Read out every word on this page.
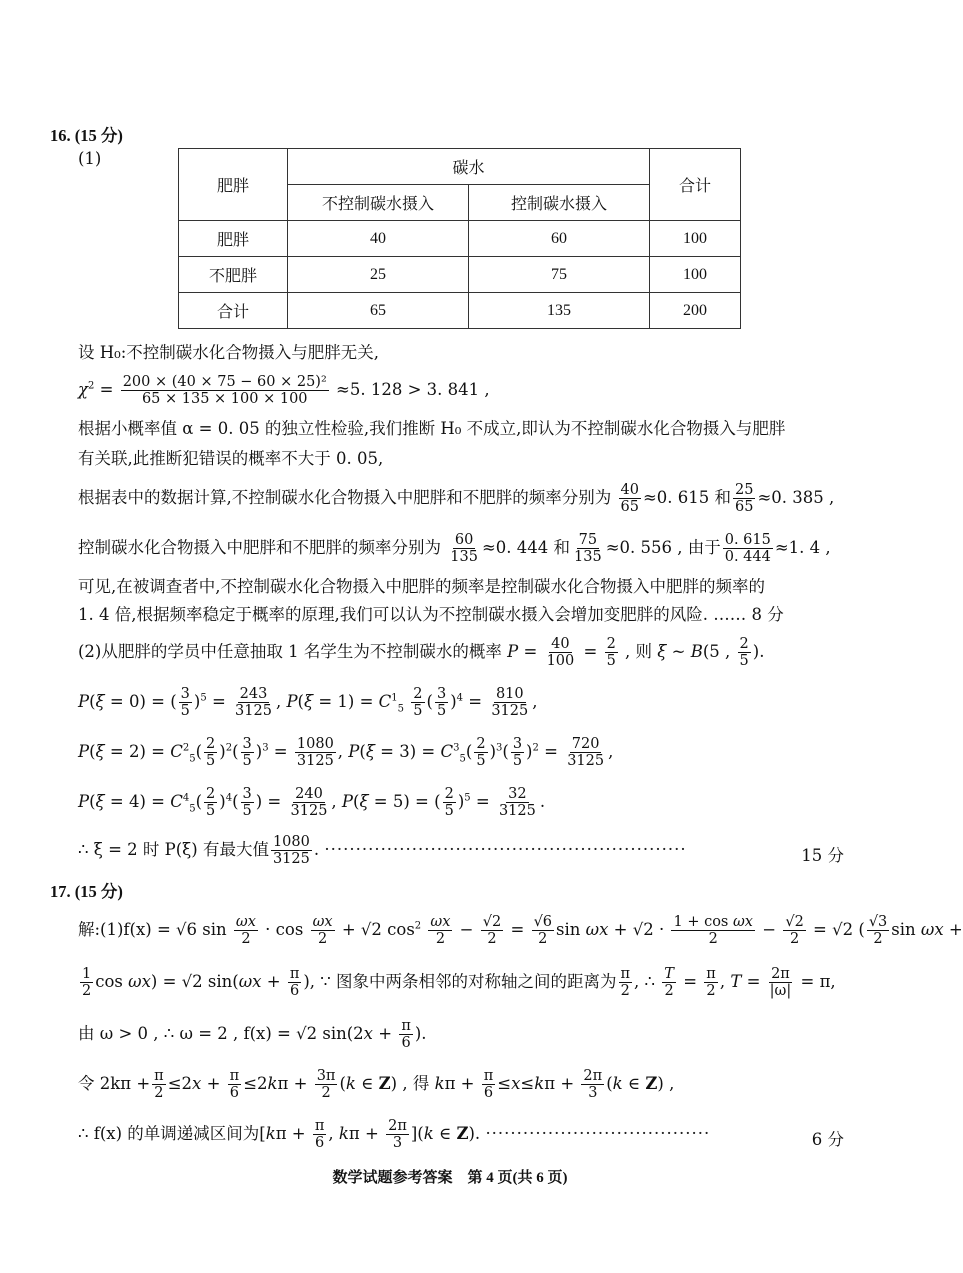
16. (15 分)
(1)
肥胖	碳水		合计
	不控制碳水摄入	控制碳水摄入	
肥胖	40	60	100
不肥胖	25	75	100
合计	65	135	200
设 H₀:不控制碳水化合物摄入与肥胖无关,
$\chi^2 = \frac{\text{200 × (40 × 75 − 60 × 25)²}}{65 \times 135 \times 100 \times 100} \approx 5$. 128 > 3. 841 ,
根据小概率值 α = 0. 05 的独立性检验,我们推断 H₀ 不成立,即认为不控制碳水化合物摄入与肥胖
有关联,此推断犯错误的概率不大于 0. 05,
根据表中的数据计算,不控制碳水化合物摄入中肥胖和不肥胖的频率分别为 $\frac{40}{65} \approx 0$. 615 和 $\frac{25}{65} \approx 0$. 385 ,
控制碳水化合物摄入中肥胖和不肥胖的频率分别为 $\frac{60}{135} \approx 0$. 444 和 $\frac{75}{135} \approx 0$. 556 , 由于 $\frac{0. 615}{0. 444} \approx 1$. 4 ,
可见,在被调查者中,不控制碳水化合物摄入中肥胖的频率是控制碳水化合物摄入中肥胖的频率的
1. 4 倍,根据频率稳定于概率的原理,我们可以认为不控制碳水摄入会增加变肥胖的风险. …… 8 分
(2)从肥胖的学员中任意抽取 1 名学生为不控制碳水的概率 $P = \frac{40}{100} = \frac{2}{5}$ , 则 ξ ~ B(5 , $\frac{2}{5}$ ).
P(ξ = 0) = ( $\frac{3}{5} )^5 = \frac{243}{3125}$ , $P(\xi = 1) = C^1_5 \frac{2}{5}$ ( $\frac{3}{5} )^4 = \frac{810}{3125}$ ,
$P(\xi = 2) = C^2_5( \frac{2}{5} )^2( \frac{3}{5} )^3 = \frac{1080}{3125}$ , $P(\xi = 3) = C^3_5( \frac{2}{5} )^3( \frac{3}{5} )^2 = \frac{720}{3125}$ ,
$P(\xi = 4) = C^4_5( \frac{2}{5} )^4( \frac{3}{5}$ ) = $\frac{240}{3125}$ , P(ξ = 5) = ( $\frac{2}{5} )^5 = \frac{32}{3125}$ .
∴ ξ = 2 时 P(ξ) 有最大值 $\frac{1080}{3125}$ . ··························································	15 分
17. (15 分)
解:(1)f(x) = √6 $\sin \frac{\omega x}{2} \cdot \cos \frac{\omega x}{2} + √2$ $\cos^2 \frac{\omega x}{2} - \frac{√2}{2} = \frac{√6}{2}$ $\sin \omega x + √2 \cdot \frac{\text{1 + cos ωx}}{2} - \frac{√2}{2} = √2$ ( $\frac{√3}{2}$ sin ωx +
$\frac{1}{2}$ cos ωx) = √2 $\sin(\omega x + \frac{\pi}{6}$ ), ∵ 图象中两条相邻的对称轴之间的距离为 $\frac{\pi}{2}$ , ∴ $\frac{T}{2} = \frac{\pi}{2}$ , $T = \frac{2\pi}{|\omega|} = \pi$,
由 ω > 0 , ∴ ω = 2 , f(x) = √2 $\sin(2x + \frac{\pi}{6}$ ).
令 $2k\pi + \frac{\pi}{2} \le 2x + \frac{\pi}{6} \le 2k\pi + \frac{3\pi}{2} (k$ ∈ Z) , 得 $k\pi + \frac{\pi}{6} \le x\le k\pi + \frac{2\pi}{3} (k$ ∈ Z) ,
∴ f(x) 的单调递减区间为[$k\pi + \frac{\pi}{6}$ , $k\pi + \frac{2\pi}{3} ](k$ ∈ Z). ····································	6 分
数学试题参考答案　第 4 页(共 6 页)
